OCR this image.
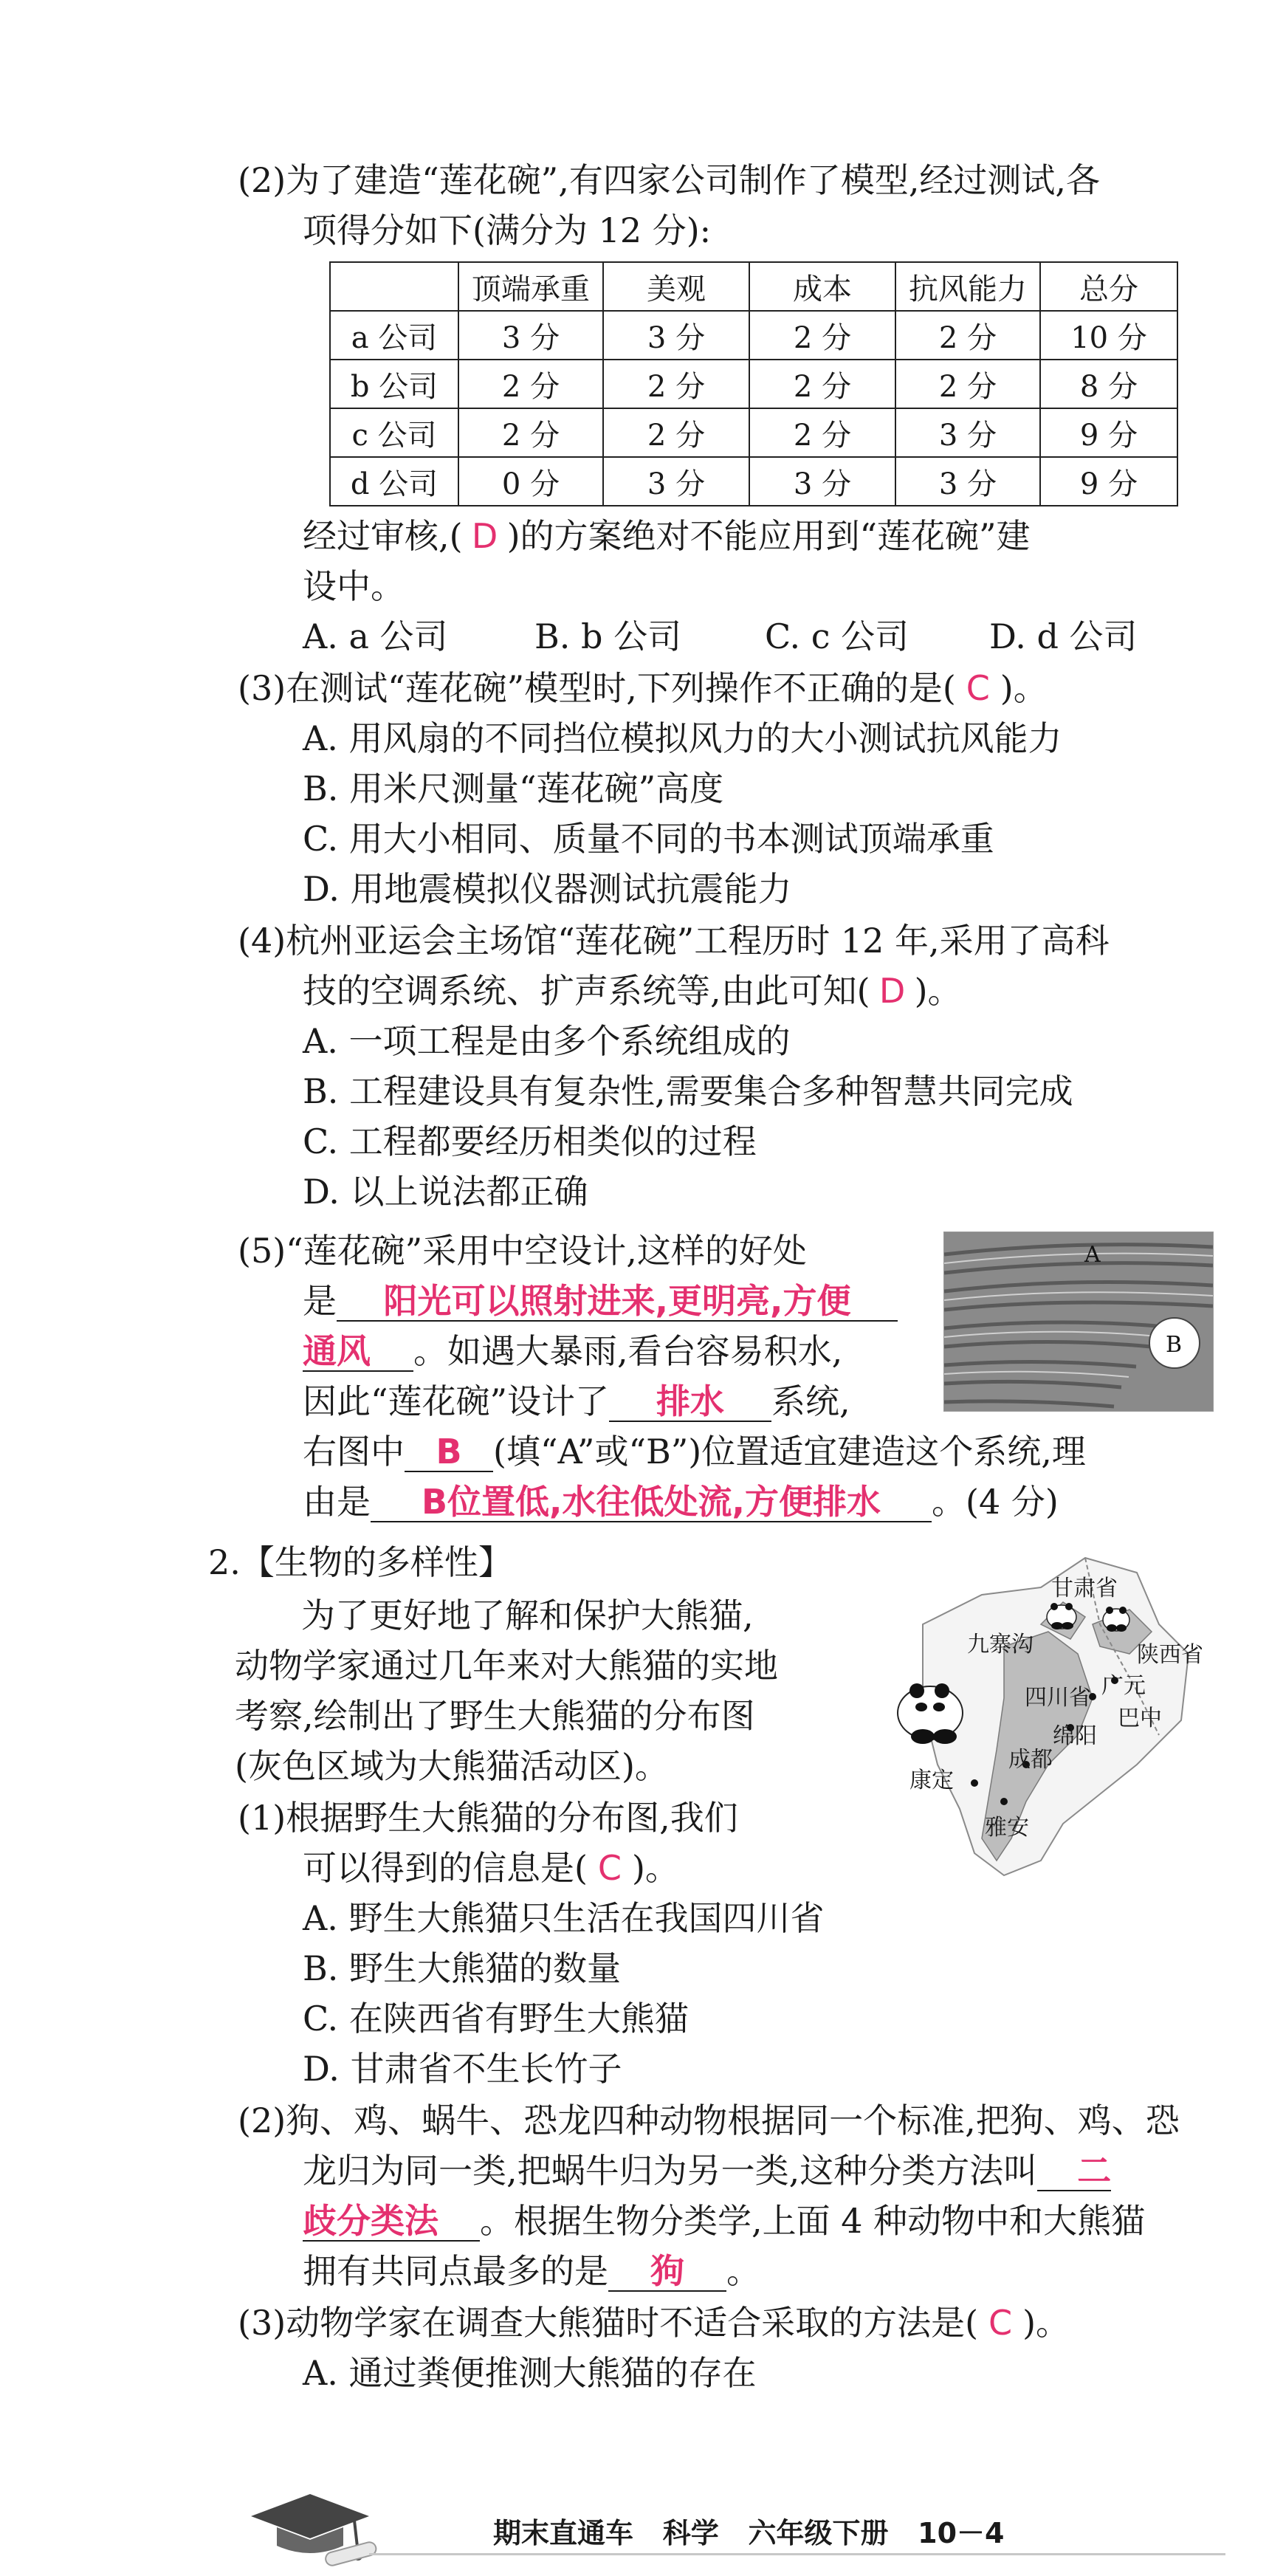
(2)为了建造“莲花碗”,有四家公司制作了模型,经过测试,各
项得分如下(满分为 12 分):
	顶端承重	美观	成本	抗风能力	总分
a 公司	3 分	3 分	2 分	2 分	10 分
b 公司	2 分	2 分	2 分	2 分	8 分
c 公司	2 分	2 分	2 分	3 分	9 分
d 公司	0 分	3 分	3 分	3 分	9 分
经过审核,( D )的方案绝对不能应用到“莲花碗”建
设中。
A. a 公司	B. b 公司 C. c 公司 D. d 公司
(3)在测试“莲花碗”模型时,下列操作不正确的是( C )。
A. 用风扇的不同挡位模拟风力的大小测试抗风能力
B. 用米尺测量“莲花碗”高度
C. 用大小相同、质量不同的书本测试顶端承重
D. 用地震模拟仪器测试抗震能力
(4)杭州亚运会主场馆“莲花碗”工程历时 12 年,采用了高科
技的空调系统、扩声系统等,由此可知( D )。
A. 一项工程是由多个系统组成的
B. 工程建设具有复杂性,需要集合多种智慧共同完成
C. 工程都要经历相类似的过程
D. 以上说法都正确
(5)“莲花碗”采用中空设计,这样的好处
是 阳光可以照射进来,更明亮,方便
通风 。如遇大暴雨,看台容易积水,
因此“莲花碗”设计了 排水 系统,
右图中 B (填“A”或“B”)位置适宜建造这个系统,理
由是 B位置低,水往低处流,方便排水 。(4 分)
A
B
2.【生物的多样性】
为了更好地了解和保护大熊猫,
动物学家通过几年来对大熊猫的实地
考察,绘制出了野生大熊猫的分布图
(灰色区域为大熊猫活动区)。
甘肃省
九寨沟	陕西省
广元
四川省
巴中
绵阳
成都
康定
雅安
(1)根据野生大熊猫的分布图,我们
可以得到的信息是( C )。
A. 野生大熊猫只生活在我国四川省
B. 野生大熊猫的数量
C. 在陕西省有野生大熊猫
D. 甘肃省不生长竹子
(2)狗、鸡、蜗牛、恐龙四种动物根据同一个标准,把狗、鸡、恐
龙归为同一类,把蜗牛归为另一类,这种分类方法叫 二
歧分类法 。根据生物分类学,上面 4 种动物中和大熊猫
拥有共同点最多的是 狗 。
(3)动物学家在调查大熊猫时不适合采取的方法是( C )。
A. 通过粪便推测大熊猫的存在
期末直通车 科学 六年级下册 10－4
